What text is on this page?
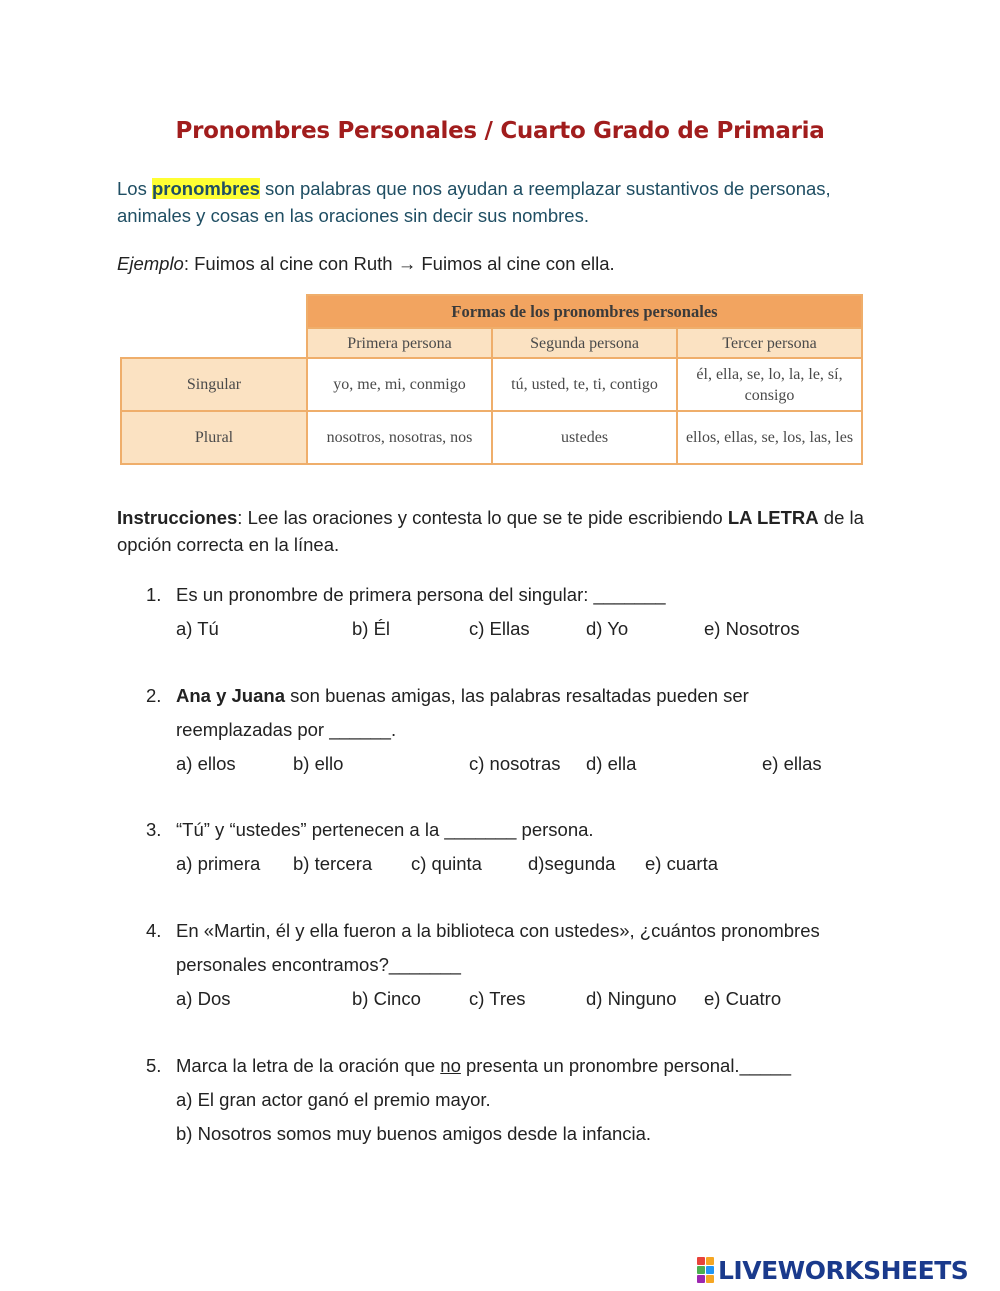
Pronombres Personales / Cuarto Grado de Primaria
Los pronombres son palabras que nos ayudan a reemplazar sustantivos de personas, animales y cosas en las oraciones sin decir sus nombres.
Ejemplo: Fuimos al cine con Ruth → Fuimos al cine con ella.
	Formas de los pronombres personales		
	Primera persona	Segunda persona	Tercer persona
Singular	yo, me, mi, conmigo	tú, usted, te, ti, contigo	él, ella, se, lo, la, le, sí, consigo
Plural	nosotros, nosotras, nos	ustedes	ellos, ellas, se, los, las, les
Instrucciones: Lee las oraciones y contesta lo que se te pide escribiendo LA LETRA de la opción correcta en la línea.
1. Es un pronombre de primera persona del singular: _______
a) Tú	b) Él	c) Ellas	d) Yo	e) Nosotros
2. Ana y Juana son buenas amigas, las palabras resaltadas pueden ser
reemplazadas por ______.
a) ellos	b) ello	c) nosotras d) ella	e) ellas
3. “Tú” y “ustedes” pertenecen a la _______ persona.
a) primera b) tercera c) quinta d)segunda e) cuarta
4. En «Martin, él y ella fueron a la biblioteca con ustedes», ¿cuántos pronombres
personales encontramos?_______
a) Dos	b) Cinco	c) Tres	d) Ninguno e) Cuatro
5. Marca la letra de la oración que no presenta un pronombre personal._____
a) El gran actor ganó el premio mayor.
b) Nosotros somos muy buenos amigos desde la infancia.
LIVEWORKSHEETS
